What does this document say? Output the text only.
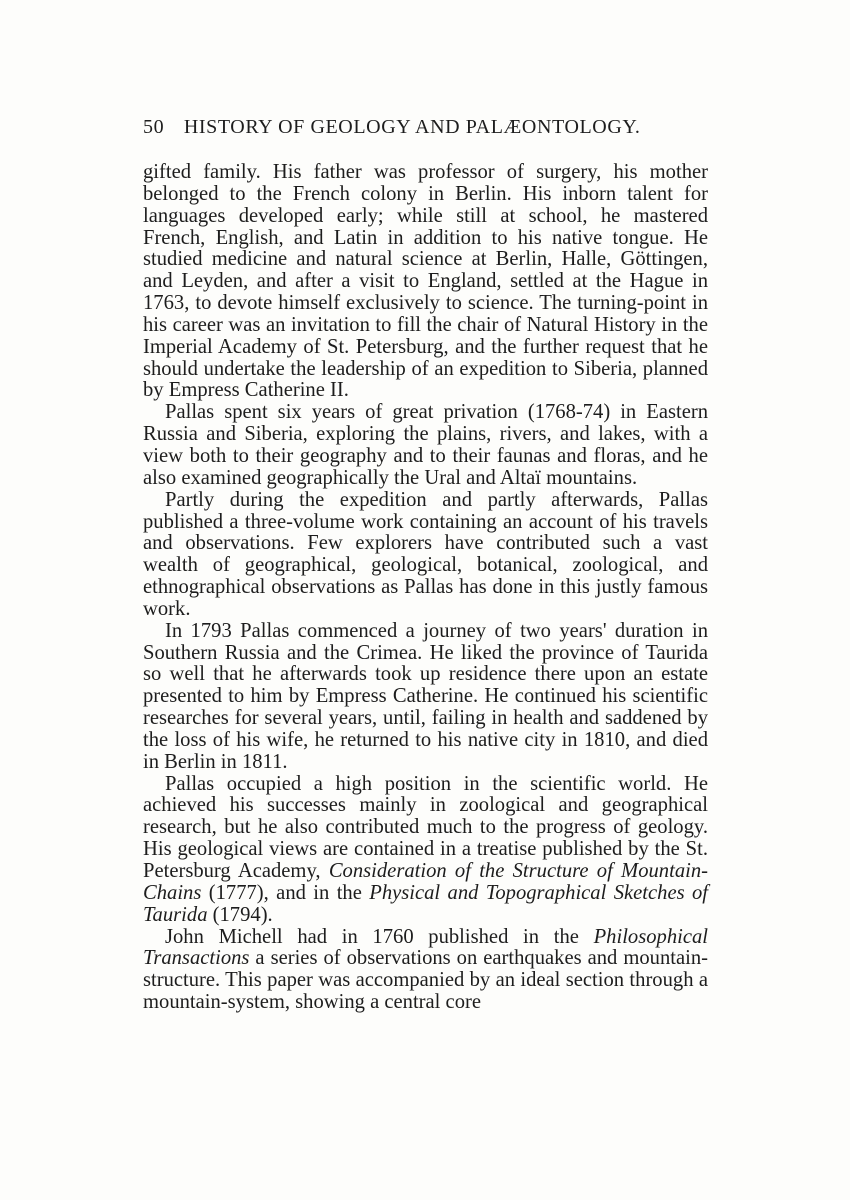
50 HISTORY OF GEOLOGY AND PALÆONTOLOGY.

gifted family. His father was professor of surgery, his mother belonged to the French colony in Berlin. His inborn talent for languages developed early; while still at school, he mastered French, English, and Latin in addition to his native tongue. He studied medicine and natural science at Berlin, Halle, Göttingen, and Leyden, and after a visit to England, settled at the Hague in 1763, to devote himself exclusively to science. The turning-point in his career was an invitation to fill the chair of Natural History in the Imperial Academy of St. Petersburg, and the further request that he should undertake the leadership of an expedition to Siberia, planned by Empress Catherine II.

Pallas spent six years of great privation (1768-74) in Eastern Russia and Siberia, exploring the plains, rivers, and lakes, with a view both to their geography and to their faunas and floras, and he also examined geographically the Ural and Altaï mountains.

Partly during the expedition and partly afterwards, Pallas published a three-volume work containing an account of his travels and observations. Few explorers have contributed such a vast wealth of geographical, geological, botanical, zoological, and ethnographical observations as Pallas has done in this justly famous work.

In 1793 Pallas commenced a journey of two years' duration in Southern Russia and the Crimea. He liked the province of Taurida so well that he afterwards took up residence there upon an estate presented to him by Empress Catherine. He continued his scientific researches for several years, until, failing in health and saddened by the loss of his wife, he returned to his native city in 1810, and died in Berlin in 1811.

Pallas occupied a high position in the scientific world. He achieved his successes mainly in zoological and geographical research, but he also contributed much to the progress of geology. His geological views are contained in a treatise published by the St. Petersburg Academy, Consideration of the Structure of Mountain-Chains (1777), and in the Physical and Topographical Sketches of Taurida (1794).

John Michell had in 1760 published in the Philosophical Transactions a series of observations on earthquakes and mountain-structure. This paper was accompanied by an ideal section through a mountain-system, showing a central core
